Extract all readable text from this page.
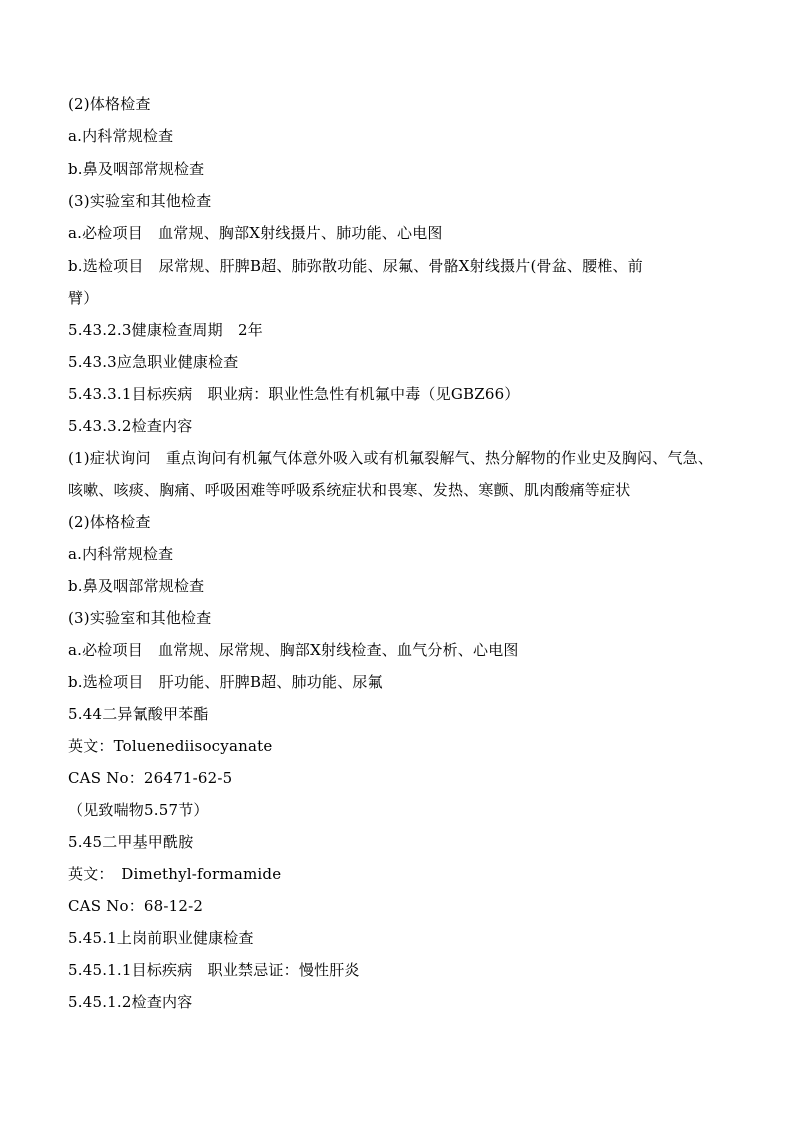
(2)体格检查
a.内科常规检查
b.鼻及咽部常规检查
(3)实验室和其他检查
a.必检项目　血常规、胸部X射线摄片、肺功能、心电图
b.选检项目　尿常规、肝脾B超、肺弥散功能、尿氟、骨骼X射线摄片(骨盆、腰椎、前
臂）
5.43.2.3健康检查周期　2年
5.43.3应急职业健康检查
5.43.3.1目标疾病　职业病：职业性急性有机氟中毒（见GBZ66）
5.43.3.2检查内容
(1)症状询问　重点询问有机氟气体意外吸入或有机氟裂解气、热分解物的作业史及胸闷、气急、
咳嗽、咳痰、胸痛、呼吸困难等呼吸系统症状和畏寒、发热、寒颤、肌肉酸痛等症状
(2)体格检查
a.内科常规检查
b.鼻及咽部常规检查
(3)实验室和其他检查
a.必检项目　血常规、尿常规、胸部X射线检查、血气分析、心电图
b.选检项目　肝功能、肝脾B超、肺功能、尿氟
5.44二异氰酸甲苯酯
英文：Toluenediisocyanate
CAS No：26471-62-5
（见致喘物5.57节）
5.45二甲基甲酰胺
英文：　Dimethyl-formamide
CAS No：68-12-2
5.45.1上岗前职业健康检查
5.45.1.1目标疾病　职业禁忌证：慢性肝炎
5.45.1.2检查内容
